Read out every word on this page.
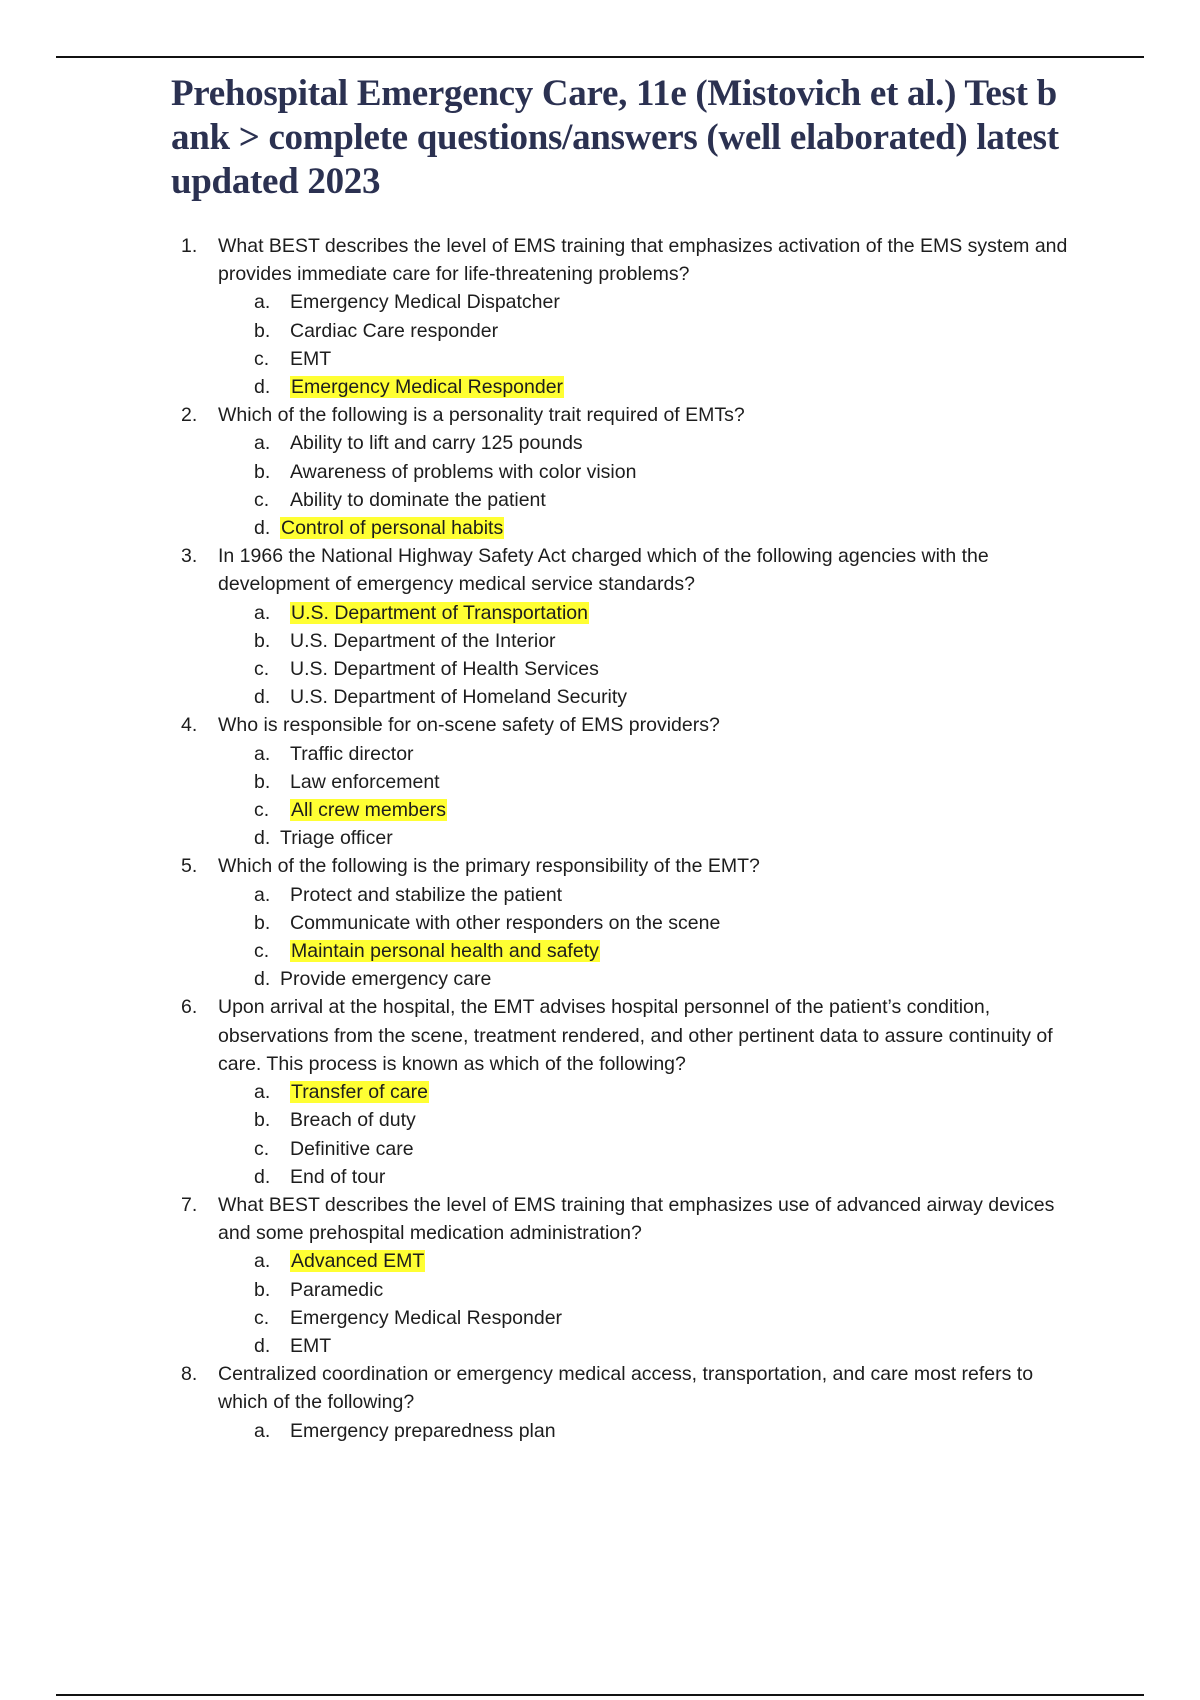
Prehospital Emergency Care, 11e (Mistovich et al.) Test bank > complete questions/answers (well elaborated) latest updated 2023
1. What BEST describes the level of EMS training that emphasizes activation of the EMS system and provides immediate care for life-threatening problems?
a. Emergency Medical Dispatcher
b. Cardiac Care responder
c. EMT
d. Emergency Medical Responder
2. Which of the following is a personality trait required of EMTs?
a. Ability to lift and carry 125 pounds
b. Awareness of problems with color vision
c. Ability to dominate the patient
d. Control of personal habits
3. In 1966 the National Highway Safety Act charged which of the following agencies with the development of emergency medical service standards?
a. U.S. Department of Transportation
b. U.S. Department of the Interior
c. U.S. Department of Health Services
d. U.S. Department of Homeland Security
4. Who is responsible for on-scene safety of EMS providers?
a. Traffic director
b. Law enforcement
c. All crew members
d. Triage officer
5. Which of the following is the primary responsibility of the EMT?
a. Protect and stabilize the patient
b. Communicate with other responders on the scene
c. Maintain personal health and safety
d. Provide emergency care
6. Upon arrival at the hospital, the EMT advises hospital personnel of the patient’s condition, observations from the scene, treatment rendered, and other pertinent data to assure continuity of care. This process is known as which of the following?
a. Transfer of care
b. Breach of duty
c. Definitive care
d. End of tour
7. What BEST describes the level of EMS training that emphasizes use of advanced airway devices and some prehospital medication administration?
a. Advanced EMT
b. Paramedic
c. Emergency Medical Responder
d. EMT
8. Centralized coordination or emergency medical access, transportation, and care most refers to which of the following?
a. Emergency preparedness plan
